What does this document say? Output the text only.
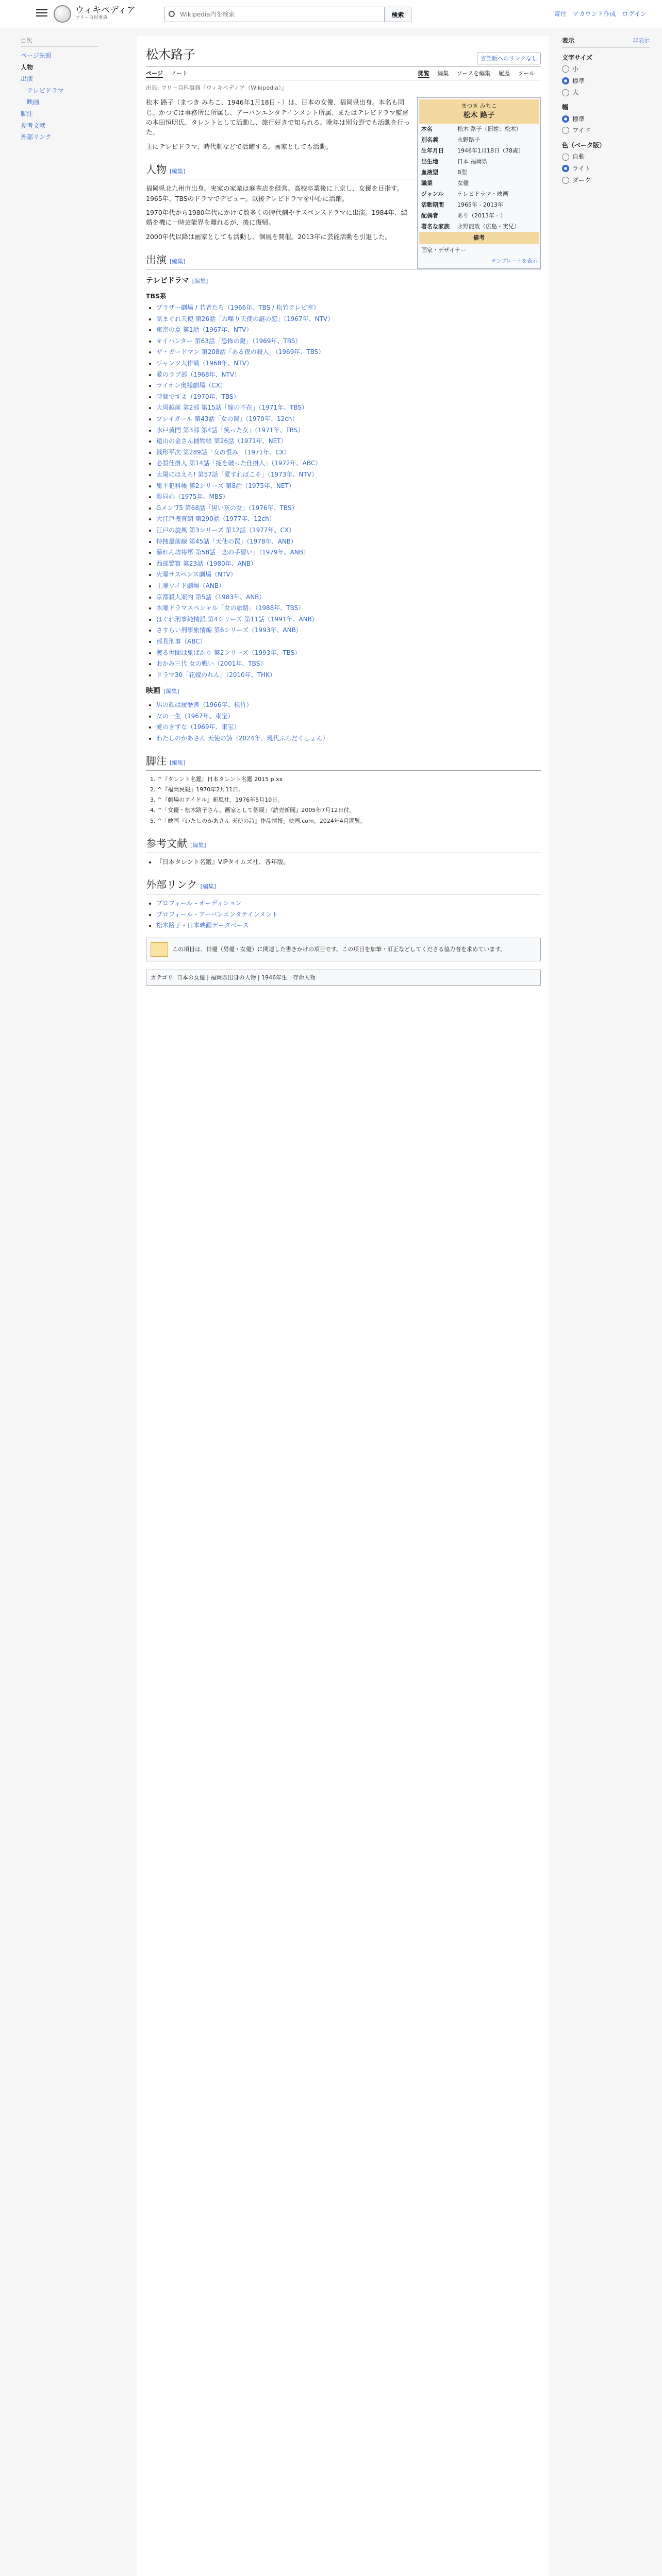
ウィキペディア
フリー百科事典
Wikipedia内を検索	検索	寄付 アカウント作成 ログイン
目次
ページ先頭
人物
出演
テレビドラマ
映画
脚注
参考文献
外部リンク
松木路子	言語版へのリンクなし
ページ ノート	閲覧 編集 ソースを編集 履歴 ツール
出典: フリー百科事典『ウィキペディア（Wikipedia）』
まつき みちこ
松木 路子
本名	松木 路子（旧姓：松木）
別名義	永野路子
生年月日	1946年1月18日（78歳）
出生地	日本 福岡県
血液型	B型
職業	女優
ジャンル	テレビドラマ・映画
活動期間	1965年 - 2013年
配偶者	あり（2013年 - ）
著名な家族	永野龍政（広島・実兄）
備考
画家・デザイナー
テンプレートを表示

松木 路子（まつき みちこ、1946年1月18日 - ）は、日本の女優、福岡県出身。本名も同じ。かつては事務所に所属し、アーバンエンタテインメント所属、またはテレビドラマ監督の本田恒明氏、タレントとして活動し、旅行好きで知られる。晩年は別分野でも活動を行った。

主にテレビドラマ、時代劇などで活躍する。画家としても活動。

人物 [編集]

福岡県北九州市出身。実家の家業は麻雀店を経営。高校卒業後に上京し、女優を目指す。1965年、TBSのドラマでデビュー。以後テレビドラマを中心に活躍。

1970年代から1980年代にかけて数多くの時代劇やサスペンスドラマに出演。1984年、結婚を機に一時芸能界を離れるが、後に復帰。

2000年代以降は画家としても活動し、個展を開催。2013年に芸能活動を引退した。

出演 [編集]
テレビドラマ [編集]
TBS系
• ブラザー劇場 / 若者たち（1966年、TBS / 松竹テレビ室）
• 気まぐれ天使 第26話「お喋り天使の謎の恋」（1967年、NTV）
• 東京の夏 第1話（1967年、NTV）
• キイハンター 第63話「恐怖の鍵」（1969年、TBS）
• ザ・ガードマン 第208話「ある夜の殺人」（1969年、TBS）
• ジャンツ大作戦（1968年、NTV）
• 愛のラブ部（1968年、NTV）
• ライオン奥様劇場（CX）
• 時間ですよ（1970年、TBS）
• 大岡越前 第2部 第15話「嫁の不在」（1971年、TBS）
• プレイガール 第43話「女の罠」（1970年、12ch）
• 水戸黄門 第3部 第4話「笑った女」（1971年、TBS）
• 遠山の金さん捕物帳 第26話（1971年、NET）
• 銭形平次 第289話「女の恨み」（1971年、CX）
• 必殺仕掛人 第14話「掟を破った仕掛人」（1972年、ABC）
• 太陽にほえろ! 第57話「愛すればこそ」（1973年、NTV）
• 鬼平犯科帳 第2シリーズ 第8話（1975年、NET）
• 影同心（1975年、MBS）
• Gメン'75 第68話「黒い灰の女」（1976年、TBS）
• 大江戸捜査網 第290話（1977年、12ch）
• 江戸の旋風 第3シリーズ 第12話（1977年、CX）
• 特捜最前線 第45話「天使の罠」（1978年、ANB）
• 暴れん坊将軍 第58話「恋の手習い」（1979年、ANB）
• 西部警察 第23話（1980年、ANB）
• 火曜サスペンス劇場（NTV）
• 土曜ワイド劇場（ANB）
• 京都殺人案内 第5話（1983年、ANB）
• 水曜ドラマスペシャル「女の旅路」（1988年、TBS）
• はぐれ刑事純情派 第4シリーズ 第11話（1991年、ANB）
• さすらい刑事旅情編 第6シリーズ（1993年、ANB）
• 部長刑事（ABC）
• 渡る世間は鬼ばかり 第2シリーズ（1993年、TBS）
• おかみ三代 女の戦い（2001年、TBS）
• ドラマ30「花嫁のれん」（2010年、THK）
映画 [編集]
• 男の顔は履歴書（1966年、松竹）
• 女の一生（1967年、東宝）
• 愛のきずな（1969年、東宝）
• わたしのかあさん 天使の詩（2024年、現代ぷろだくしょん）
脚注 [編集]
1. ^『タレント名鑑』日本タレント名鑑 2015 p.xx
2. ^『福岡民報』1970年2月11日。
3. ^『劇場のアイドル』新風社、1976年5月10日。
4. ^「女優・松木路子さん、画家として個展」『読売新聞』2005年7月12日付。
5. ^「映画『わたしのかあさん 天使の詩』作品情報」映画.com。2024年4月閲覧。
参考文献 [編集]
• 『日本タレント名鑑』VIPタイムズ社、各年版。
外部リンク [編集]
• プロフィール - オーディション
• プロフィール - アーバンエンタテインメント
• 松木路子 - 日本映画データベース
この項目は、俳優（男優・女優）に関連した書きかけの項目です。この項目を加筆・訂正などしてくださる協力者を求めています。
カテゴリ: 日本の女優 | 福岡県出身の人物 | 1946年生 | 存命人物
表示	非表示
文字サイズ
小
標準
大
幅
標準
ワイド
色（ベータ版）
自動
ライト
ダーク
